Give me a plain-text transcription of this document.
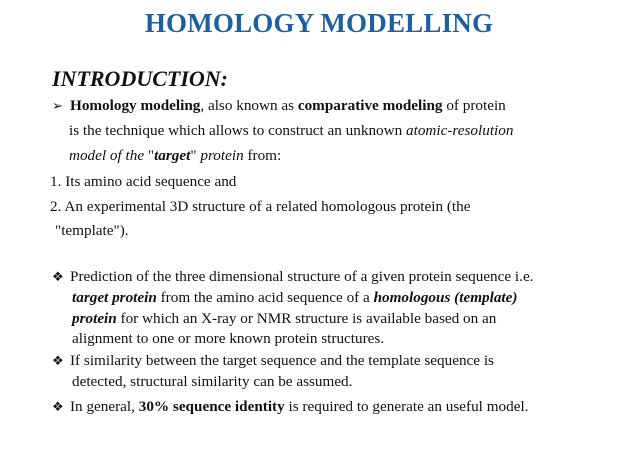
HOMOLOGY MODELLING
INTRODUCTION:
➢ Homology modeling, also known as comparative modeling of protein
is the technique which allows to construct an unknown atomic-resolution
model of the "target" protein from:
1. Its amino acid sequence and
2. An experimental 3D structure of a related homologous protein (the
"template").
❖ Prediction of the three dimensional structure of a given protein sequence i.e.
target protein from the amino acid sequence of a homologous (template)
protein for which an X-ray or NMR structure is available based on an
alignment to one or more known protein structures.
❖ If similarity between the target sequence and the template sequence is
detected, structural similarity can be assumed.
❖ In general, 30% sequence identity is required to generate an useful model.
